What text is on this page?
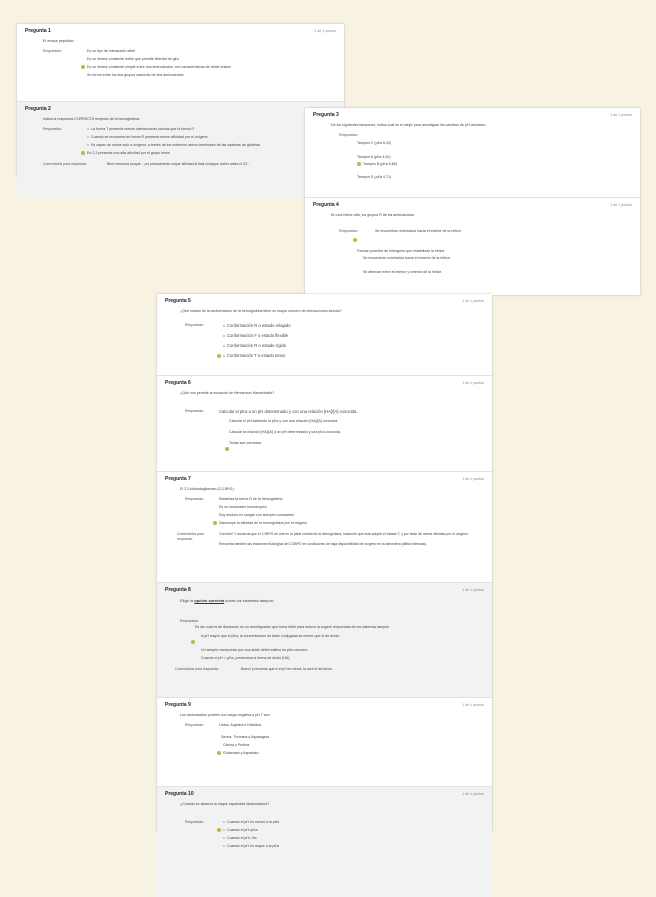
Pregunta 1	1 de 1 puntos
El enlace peptídico:
Respuestas:	Es un tipo de interacción débil
Es un enlace covalente doble que permite libertad de giro
Es un enlace covalente simple entre dos aminoácidos, con características de doble enlace
Se forma entre los dos grupos carboxilo de dos aminoácidos
Pregunta 2
Indica la respuesta CORRECTA respecto de la hemoglobina:
Respuestas:	La forma T presenta menos interacciones iónicas que la forma R
Cuando se encuentra en forma R presenta menor afinidad por el oxígeno
Es capaz de unirse solo a oxígeno, a través de los extremos amino-terminales de las cadenas de globinas
En 2,3 presenta una alta afinidad por el grupo hemo
Comentarios para respuesta:	Bien! recuerda porqué... ¡es precisamente mayor afinidad al final consigue cortes antes el O2...
Pregunta 3	1 de 1 puntos
De los siguientes tampones, indica cuál es el mejor para amortiguar los cambios de pH celulares:
Respuestas:
Tampón C (pKa 6,20)
Tampón A (pKa 4,92)
Tampón B (pKa 6,86)
Tampón D (pKa 4,71)
Pregunta 4	1 de 1 puntos
En una hélice alfa, los grupos R de los aminoácidos:
Respuestas:	Se encuentran orientados hacia el interior de la hélice.
Forman puentes de hidrógeno que estabilizan la hélice.
Se encuentran orientados hacia el exterior de la hélice.
Se alternan entre el interior y exterior de la hélice.
Pregunta 5	1 de 1 puntos
¿Qué estado de la conformación de la hemoglobina tiene un mayor número de interacciones iónicas?
Respuestas:	Conformación R o estado relajado
Conformación F o estado flexible
Conformación R o estado rígido
Conformación T o estado tenso
Pregunta 6	1 de 1 puntos
¿Qué nos permite la ecuación de Henderson-Hasselbalch?
Respuestas:	Calcular el pKa a un pH determinado y con una relación [HA]/[A] conocida.
Calcular el pH sabiendo la pKa y con una relación [HA]/[A] conocida.
Calcular la relación [HA]/[A] a un pH determinado y una pKa conocida.
Todas son correctas.
Pregunta 7	1 de 1 puntos
El 2,3-bisfosfoglicerato (2,3-BPG):
Respuestas:	Estabiliza la forma R de la hemoglobina
Es un modulador homotrópico
Soy modulo en sangre con siempre constantes
Disminuye la afinidad de la hemoglobina por el oxígeno
Comentarios para
respuesta:
Correcto! Y recuerda que el 2,3BPG se une en la parte central de la hemoglobina, haciendo que ésta adopte el estado T, y por tanto de menor afinidad por el oxígeno.
Recuerda también las etaciones fisiológica del 2,3BPG en condiciones de baja disponibilidad de oxígeno en la atmosfera (altitud elevada).
Pregunta 8	1 de 1 puntos
Elige la opción correcta sobre los sistemas tampón:
Respuestas:
Es las cual es de disolución es un amortiguador que fuera débil para reducir la sugerir respuestas de los sistemas tampón
A pH mayor que el pKa, la concentración de base conjugada es menor que la de ácido.
Un tampón compuesto por una ácido débil relativo es pKa cercano.
Cuando el pH = pKa, predomina la forma de ácido (HA).
Comentarios para respuesta:	Bravo! y recuerda que si el pH es menor, la será el del ácido.
Pregunta 9	1 de 1 puntos
Los aminoácidos polares con carga negativa a pH 7 son:
Respuestas:	Lisina, Arginina e Histidina
Serina, Treonina y Asparagina
Glicina y Prolina
Glutamato y Aspartato
Pregunta 10	1 de 1 puntos
¿Cuando se alcanza la mayor capacidad tamponadora?
Respuestas:	Cuando el pH es menor a la pKa
Cuando el pH=pKa
Cuando el pH= Ka
Cuando el pH es mayor a la pKa
